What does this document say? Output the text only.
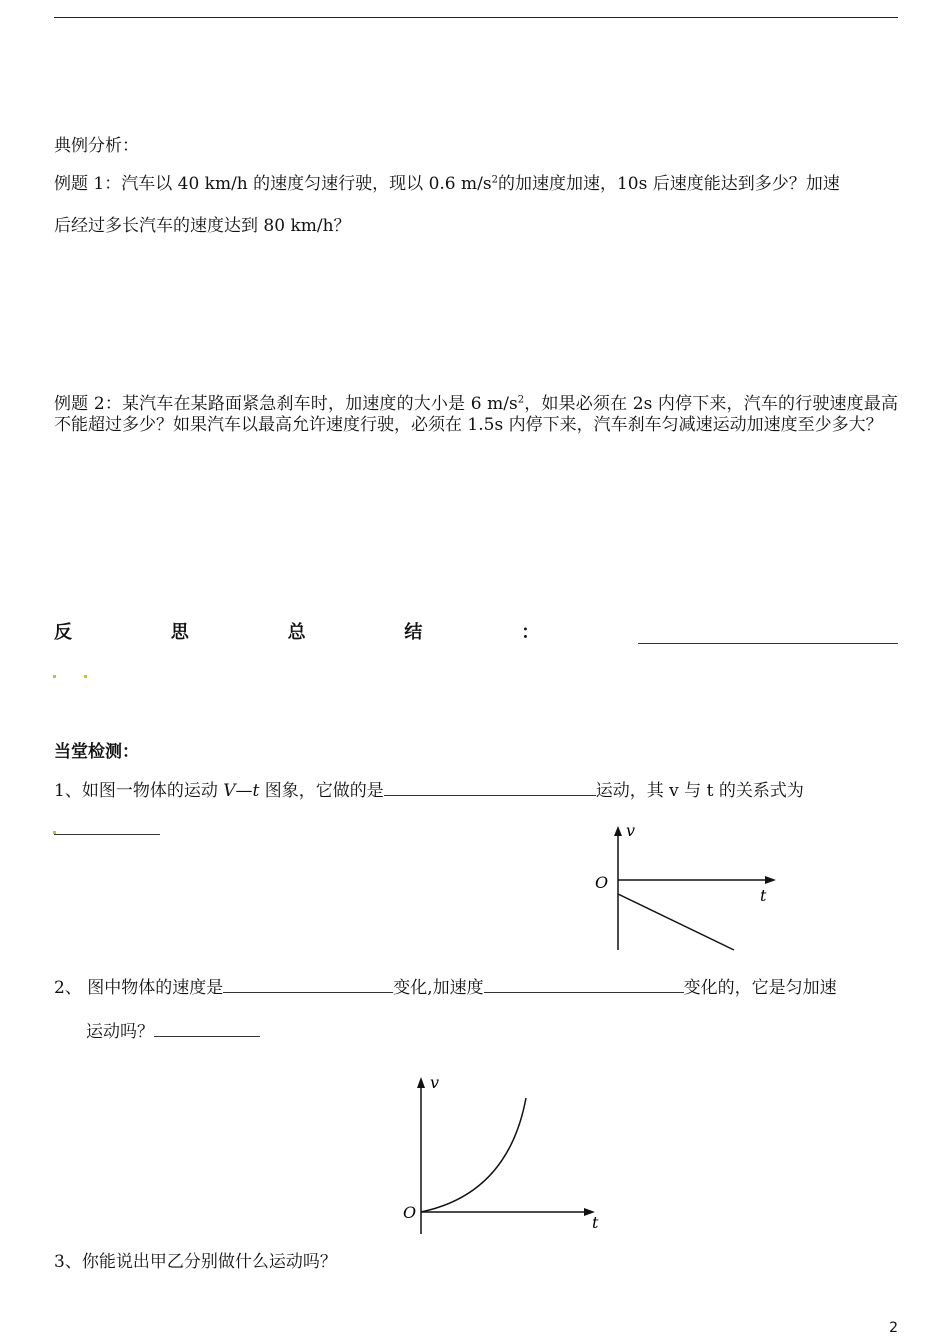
典例分析：
例题 1：汽车以 40 km/h 的速度匀速行驶，现以 0.6 $m/s^2$的加速度加速，10s 后速度能达到多少？加速
后经过多长汽车的速度达到 80 km/h？
例题 2：某汽车在某路面紧急刹车时，加速度的大小是 6 $m/s^2$，如果必须在 2s 内停下来，汽车的行驶速度最高不能超过多少？如果汽车以最高允许速度行驶，必须在 1.5s 内停下来，汽车刹车匀减速运动加速度至少多大？
反	思	总	结	：
当堂检测：
1、如图一物体的运动 V—t 图象，它做的是	运动，其 v 与 t 的关系式为
v
t
O
2、 图中物体的速度是	变化,加速度	变化的，它是匀加速
运动吗？
v
t
O
3、你能说出甲乙分别做什么运动吗？
2
